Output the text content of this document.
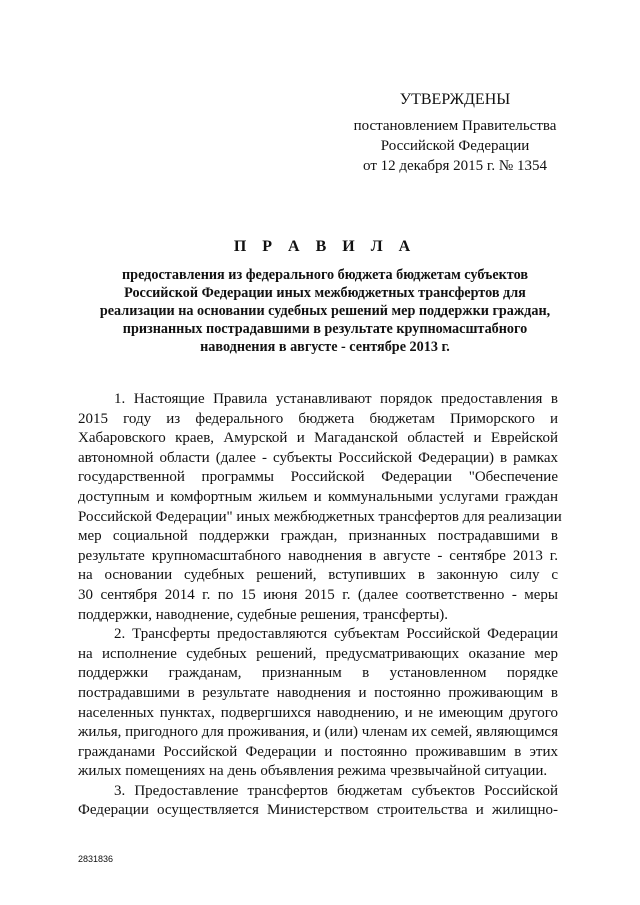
УТВЕРЖДЕНЫ
постановлением Правительства
Российской Федерации
от 12 декабря 2015 г. № 1354
П Р А В И Л А
предоставления из федерального бюджета бюджетам субъектов
Российской Федерации иных межбюджетных трансфертов для
реализации на основании судебных решений мер поддержки граждан,
признанных пострадавшими в результате крупномасштабного
наводнения в августе - сентябре 2013 г.
1. Настоящие Правила устанавливают порядок предоставления в
2015 году из федерального бюджета бюджетам Приморского и
Хабаровского краев, Амурской и Магаданской областей и Еврейской
автономной области (далее - субъекты Российской Федерации) в рамках
государственной программы Российской Федерации "Обеспечение
доступным и комфортным жильем и коммунальными услугами граждан
Российской Федерации" иных межбюджетных трансфертов для реализации
мер социальной поддержки граждан, признанных пострадавшими в
результате крупномасштабного наводнения в августе - сентябре 2013 г.
на основании судебных решений, вступивших в законную силу с
30 сентября 2014 г. по 15 июня 2015 г. (далее соответственно - меры
поддержки, наводнение, судебные решения, трансферты).
2. Трансферты предоставляются субъектам Российской Федерации
на исполнение судебных решений, предусматривающих оказание мер
поддержки гражданам, признанным в установленном порядке
пострадавшими в результате наводнения и постоянно проживающим в
населенных пунктах, подвергшихся наводнению, и не имеющим другого
жилья, пригодного для проживания, и (или) членам их семей, являющимся
гражданами Российской Федерации и постоянно проживавшим в этих
жилых помещениях на день объявления режима чрезвычайной ситуации.
3. Предоставление трансфертов бюджетам субъектов Российской
Федерации осуществляется Министерством строительства и жилищно-
2831836
